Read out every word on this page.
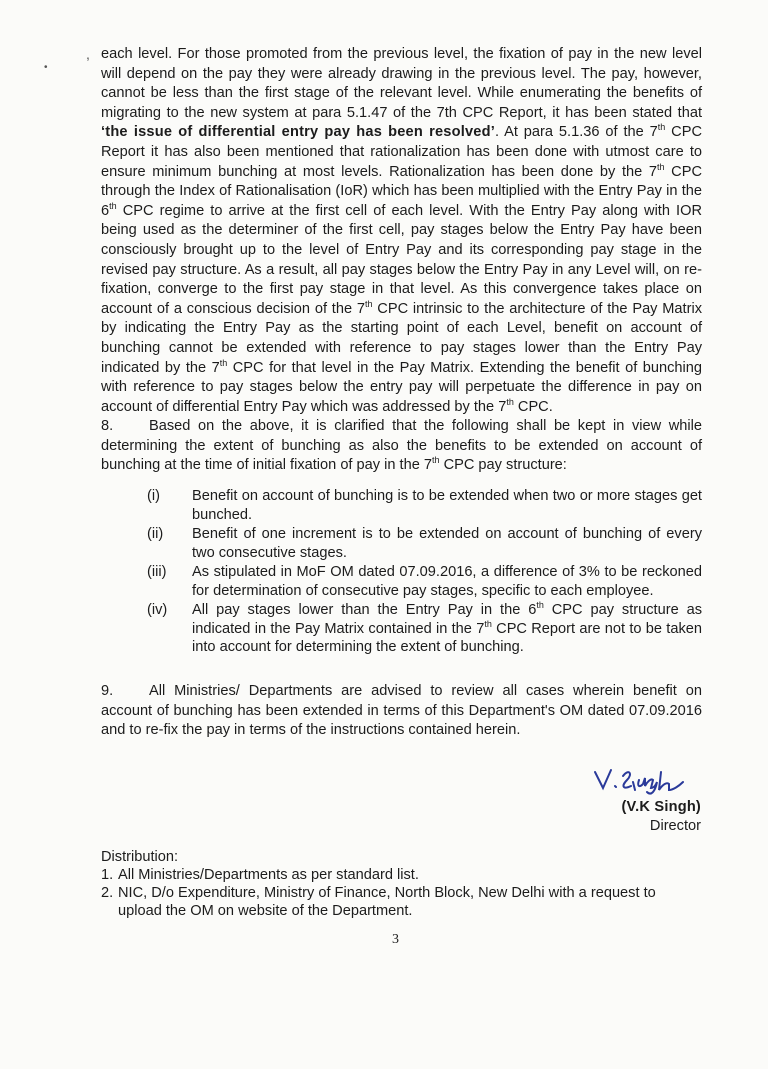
,
•
each level. For those promoted from the previous level, the fixation of pay in the new level will depend on the pay they were already drawing in the previous level. The pay, however, cannot be less than the first stage of the relevant level. While enumerating the benefits of migrating to the new system at para 5.1.47 of the 7th CPC Report, it has been stated that ‘the issue of differential entry pay has been resolved’. At para 5.1.36 of the 7th CPC Report it has also been mentioned that rationalization has been done with utmost care to ensure minimum bunching at most levels. Rationalization has been done by the 7th CPC through the Index of Rationalisation (IoR) which has been multiplied with the Entry Pay in the 6th CPC regime to arrive at the first cell of each level. With the Entry Pay along with IOR being used as the determiner of the first cell, pay stages below the Entry Pay have been consciously brought up to the level of Entry Pay and its corresponding pay stage in the revised pay structure. As a result, all pay stages below the Entry Pay in any Level will, on re-fixation, converge to the first pay stage in that level. As this convergence takes place on account of a conscious decision of the 7th CPC intrinsic to the architecture of the Pay Matrix by indicating the Entry Pay as the starting point of each Level, benefit on account of bunching cannot be extended with reference to pay stages lower than the Entry Pay indicated by the 7th CPC for that level in the Pay Matrix. Extending the benefit of bunching with reference to pay stages below the entry pay will perpetuate the difference in pay on account of differential Entry Pay which was addressed by the 7th CPC.
8. Based on the above, it is clarified that the following shall be kept in view while determining the extent of bunching as also the benefits to be extended on account of bunching at the time of initial fixation of pay in the 7th CPC pay structure:
(i)	Benefit on account of bunching is to be extended when two or more stages get bunched.
(ii)	Benefit of one increment is to be extended on account of bunching of every two consecutive stages.
(iii)	As stipulated in MoF OM dated 07.09.2016, a difference of 3% to be reckoned for determination of consecutive pay stages, specific to each employee.
(iv)	All pay stages lower than the Entry Pay in the 6th CPC pay structure as indicated in the Pay Matrix contained in the 7th CPC Report are not to be taken into account for determining the extent of bunching.
9. All Ministries/ Departments are advised to review all cases wherein benefit on account of bunching has been extended in terms of this Department's OM dated 07.09.2016 and to re-fix the pay in terms of the instructions contained herein.
(V.K Singh)
Director
Distribution:
1. All Ministries/Departments as per standard list.
2. NIC, D/o Expenditure, Ministry of Finance, North Block, New Delhi with a request to upload the OM on website of the Department.
3
